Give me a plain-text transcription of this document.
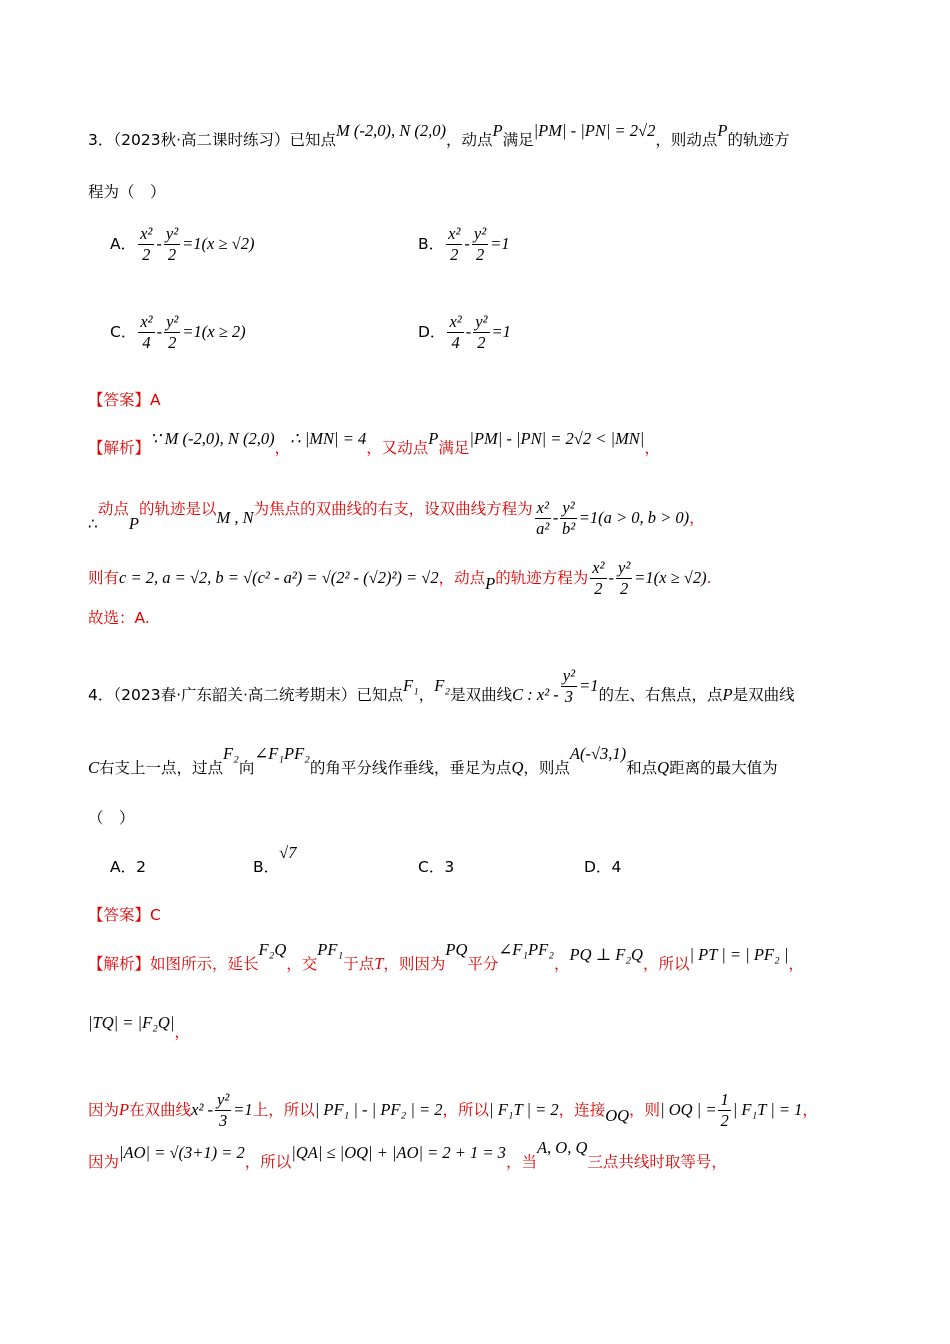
3．（2023秋·高二课时练习）已知点M (-2,0), N (2,0)，动点P满足|PM| - |PN| = 2√2，则动点P的轨迹方
程为（　）
A． $\frac{\text{x²}}{2} - \frac{\text{y²}}{2} =1(x \ge √2)$	B． $\frac{\text{x²}}{2} - \frac{\text{y²}}{2} =1$
C． $\frac{\text{x²}}{4} - \frac{\text{y²}}{2} =1(x \ge 2)$	D． $\frac{\text{x²}}{4} - \frac{\text{y²}}{2} =1$
【答案】A
【解析】∵ M (-2,0), N (2,0)，∴ |MN| = 4，又动点P满足|PM| - |PN| = 2√2 < |MN|，
∴动点P的轨迹是以M , N为焦点的双曲线的右支，设双曲线方程为 $\frac{\text{x²}}{\text{a²}} - \frac{\text{y²}}{\text{b²}} =1(a > 0$, b > 0)，
则有c = 2, a = √2, b = √(c² - a²) = √(2² - (√2)²) = √2，动点P的轨迹方程为 $\frac{\text{x²}}{2} - \frac{\text{y²}}{2} =1(x \ge √2)$.
故选：A.
4．（2023春·广东韶关·高二统考期末）已知点F₁，F₂是双曲线C : $x^2 - \frac{\text{y²}}{3} =1$的左、右焦点，点P是双曲线
C右支上一点，过点F₂向∠F₁PF₂的角平分线作垂线，垂足为点Q，则点A(-√3,1)和点Q距离的最大值为
（　）
A．2	B．√7
C．3	D．4
【答案】C
【解析】如图所示，延长F₂Q，交PF₁于点T，则因为PQ平分∠F₁PF₂，PQ ⊥ F₂Q，所以| PT | = | PF₂ |，
|TQ| = |F₂Q|，
因为P在双曲线$x^2 - \frac{\text{y²}}{3} =1$上，所以| PF₁ | - | PF₂ | = 2，所以| F₁T | = 2，连接OQ，则| OQ | = $\frac{1}{2}$ | F₁T | = 1，
因为|AO| = √(3+1) = 2，所以|QA| ≤ |OQ| + |AO| = 2 + 1 = 3，当A, O, Q三点共线时取等号，
